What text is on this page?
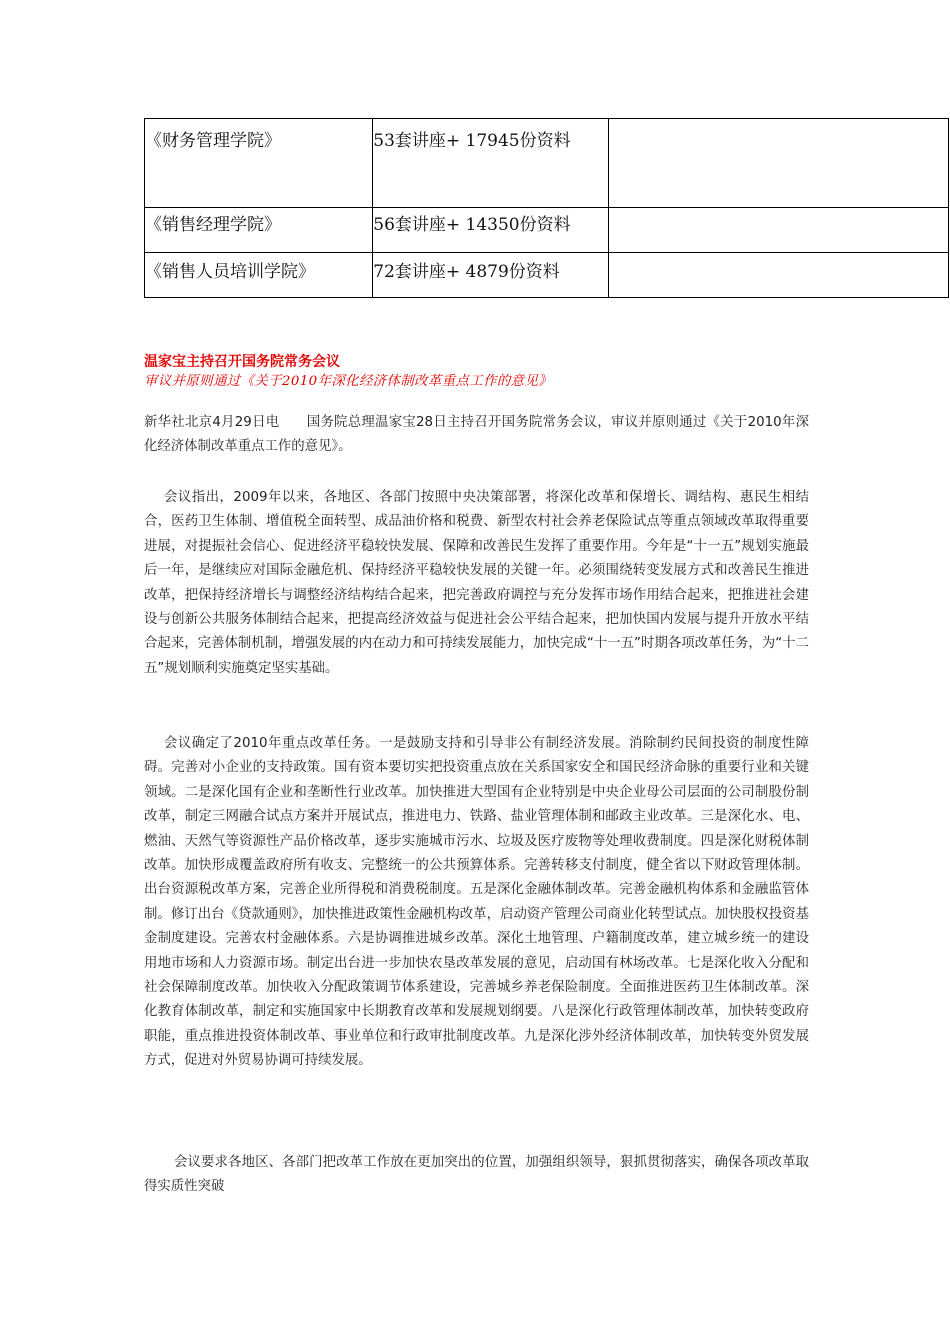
《财务管理学院》	53套讲座+ 17945份资料	
《销售经理学院》	56套讲座+ 14350份资料	
《销售人员培训学院》	72套讲座+ 4879份资料	

温家宝主持召开国务院常务会议

审议并原则通过《关于2010年深化经济体制改革重点工作的意见》

新华社北京4月29日电　　国务院总理温家宝28日主持召开国务院常务会议，审议并原则通过《关于2010年深化经济体制改革重点工作的意见》。

会议指出，2009年以来，各地区、各部门按照中央决策部署，将深化改革和保增长、调结构、惠民生相结合，医药卫生体制、增值税全面转型、成品油价格和税费、新型农村社会养老保险试点等重点领域改革取得重要进展，对提振社会信心、促进经济平稳较快发展、保障和改善民生发挥了重要作用。今年是“十一五”规划实施最后一年，是继续应对国际金融危机、保持经济平稳较快发展的关键一年。必须围绕转变发展方式和改善民生推进改革，把保持经济增长与调整经济结构结合起来，把完善政府调控与充分发挥市场作用结合起来，把推进社会建设与创新公共服务体制结合起来，把提高经济效益与促进社会公平结合起来，把加快国内发展与提升开放水平结合起来，完善体制机制，增强发展的内在动力和可持续发展能力，加快完成“十一五”时期各项改革任务，为“十二五”规划顺利实施奠定坚实基础。

会议确定了2010年重点改革任务。一是鼓励支持和引导非公有制经济发展。消除制约民间投资的制度性障碍。完善对小企业的支持政策。国有资本要切实把投资重点放在关系国家安全和国民经济命脉的重要行业和关键领域。二是深化国有企业和垄断性行业改革。加快推进大型国有企业特别是中央企业母公司层面的公司制股份制改革，制定三网融合试点方案并开展试点，推进电力、铁路、盐业管理体制和邮政主业改革。三是深化水、电、燃油、天然气等资源性产品价格改革，逐步实施城市污水、垃圾及医疗废物等处理收费制度。四是深化财税体制改革。加快形成覆盖政府所有收支、完整统一的公共预算体系。完善转移支付制度，健全省以下财政管理体制。出台资源税改革方案，完善企业所得税和消费税制度。五是深化金融体制改革。完善金融机构体系和金融监管体制。修订出台《贷款通则》，加快推进政策性金融机构改革，启动资产管理公司商业化转型试点。加快股权投资基金制度建设。完善农村金融体系。六是协调推进城乡改革。深化土地管理、户籍制度改革，建立城乡统一的建设用地市场和人力资源市场。制定出台进一步加快农垦改革发展的意见，启动国有林场改革。七是深化收入分配和社会保障制度改革。加快收入分配政策调节体系建设，完善城乡养老保险制度。全面推进医药卫生体制改革。深化教育体制改革，制定和实施国家中长期教育改革和发展规划纲要。八是深化行政管理体制改革，加快转变政府职能，重点推进投资体制改革、事业单位和行政审批制度改革。九是深化涉外经济体制改革，加快转变外贸发展方式，促进对外贸易协调可持续发展。

会议要求各地区、各部门把改革工作放在更加突出的位置，加强组织领导，狠抓贯彻落实，确保各项改革取得实质性突破
